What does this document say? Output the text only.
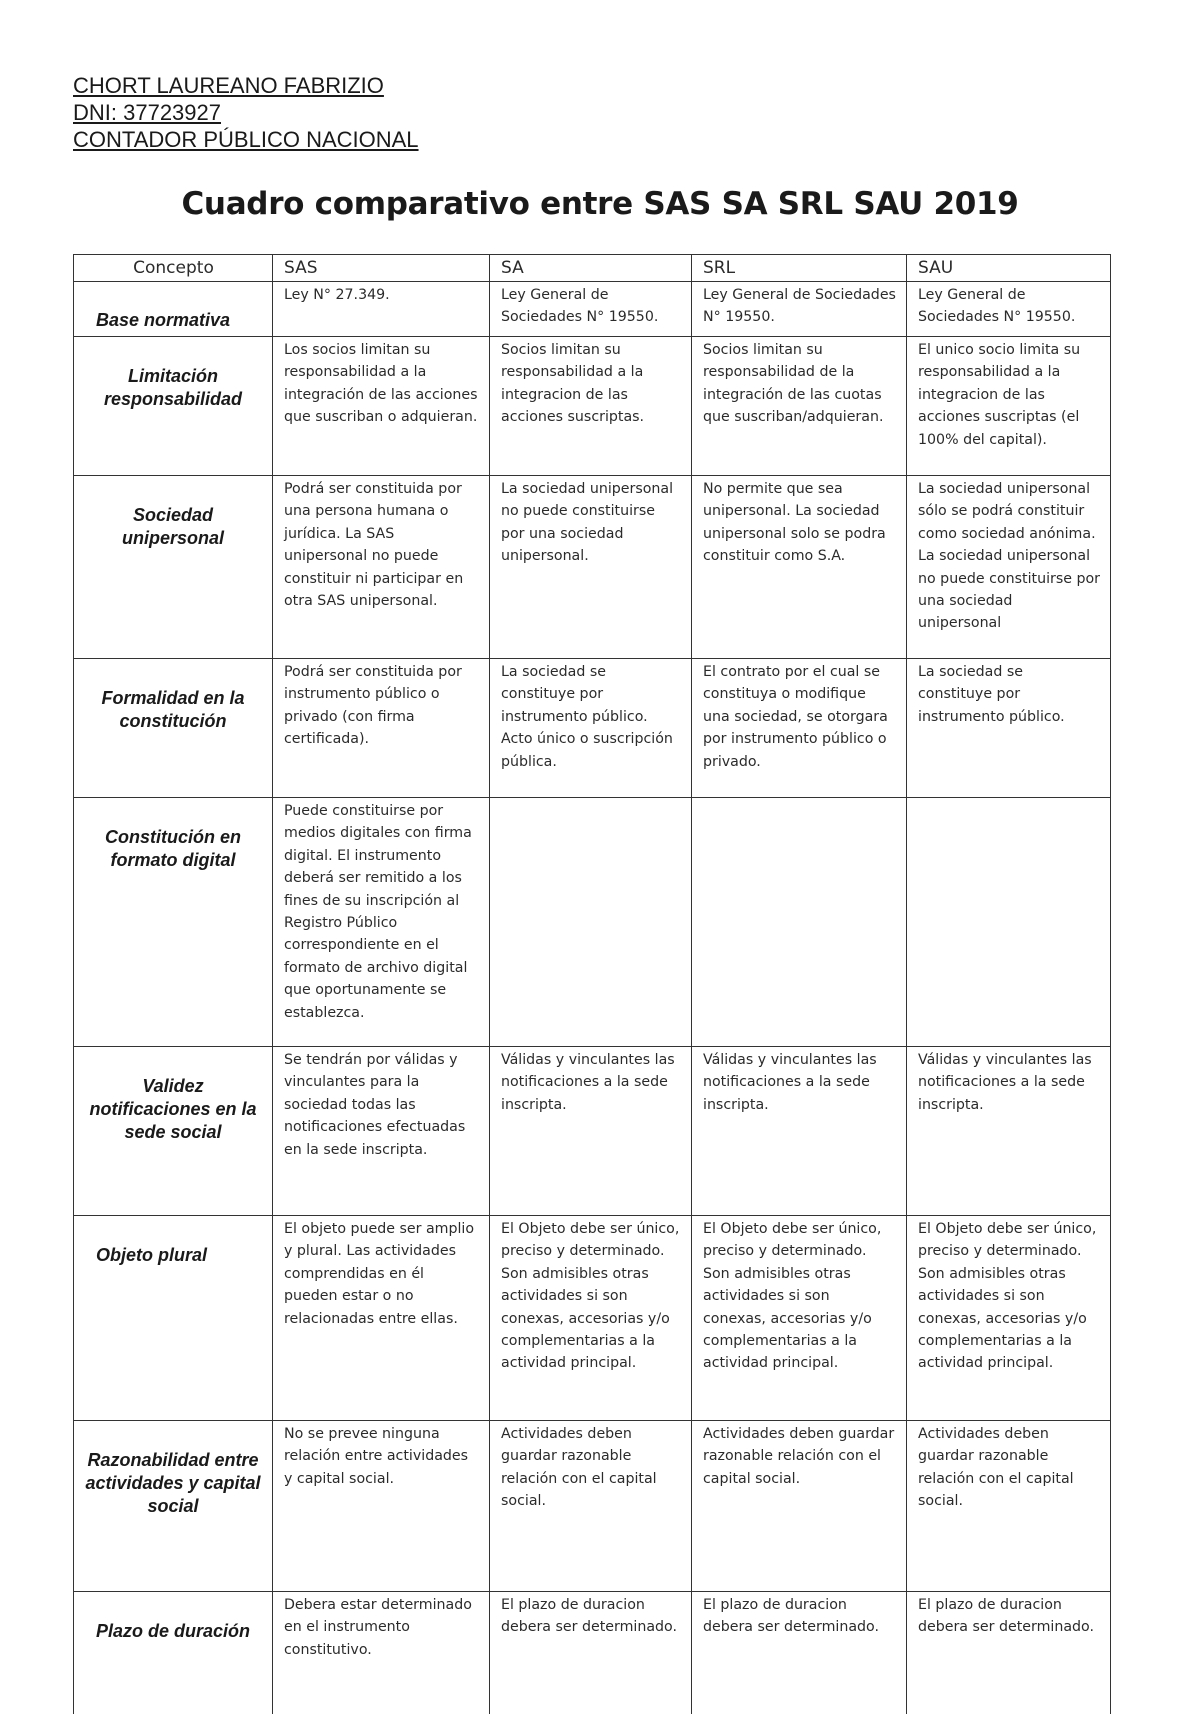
CHORT LAUREANO FABRIZIO
DNI: 37723927
CONTADOR PÚBLICO NACIONAL
Cuadro comparativo entre SAS SA SRL SAU 2019
Concepto	SAS	SA	SRL	SAU
Base normativa	Ley N° 27.349.	Ley General de Sociedades N° 19550.	Ley General de Sociedades N° 19550.	Ley General de Sociedades N° 19550.
Limitación responsabilidad	Los socios limitan su responsabilidad a la integración de las acciones que suscriban o adquieran.	Socios limitan su responsabilidad a la integracion de las acciones suscriptas.	Socios limitan su responsabilidad de la integración de las cuotas que suscriban/adquieran.	El unico socio limita su responsabilidad a la integracion de las acciones suscriptas (el 100% del capital).
Sociedad unipersonal	Podrá ser constituida por una persona humana o jurídica. La SAS unipersonal no puede constituir ni participar en otra SAS unipersonal.	La sociedad unipersonal no puede constituirse por una sociedad unipersonal.	No permite que sea unipersonal. La sociedad unipersonal solo se podra constituir como S.A.	La sociedad unipersonal sólo se podrá constituir como sociedad anónima. La sociedad unipersonal no puede constituirse por una sociedad unipersonal
Formalidad en la constitución	Podrá ser constituida por instrumento público o privado (con firma certificada).	La sociedad se constituye por instrumento público. Acto único o suscripción pública.	El contrato por el cual se constituya o modifique una sociedad, se otorgara por instrumento público o privado.	La sociedad se constituye por instrumento público.
Constitución en formato digital	Puede constituirse por medios digitales con firma digital. El instrumento deberá ser remitido a los fines de su inscripción al Registro Público correspondiente en el formato de archivo digital que oportunamente se establezca.			
Validez notificaciones en la sede social	Se tendrán por válidas y vinculantes para la sociedad todas las notificaciones efectuadas en la sede inscripta.	Válidas y vinculantes las notificaciones a la sede inscripta.	Válidas y vinculantes las notificaciones a la sede inscripta.	Válidas y vinculantes las notificaciones a la sede inscripta.
Objeto plural	El objeto puede ser amplio y plural. Las actividades comprendidas en él pueden estar o no relacionadas entre ellas.	El Objeto debe ser único, preciso y determinado. Son admisibles otras actividades si son conexas, accesorias y/o complementarias a la actividad principal.	El Objeto debe ser único, preciso y determinado. Son admisibles otras actividades si son conexas, accesorias y/o complementarias a la actividad principal.	El Objeto debe ser único, preciso y determinado. Son admisibles otras actividades si son conexas, accesorias y/o complementarias a la actividad principal.
Razonabilidad entre actividades y capital social	No se prevee ninguna relación entre actividades y capital social.	Actividades deben guardar razonable relación con el capital social.	Actividades deben guardar razonable relación con el capital social.	Actividades deben guardar razonable relación con el capital social.
Plazo de duración	Debera estar determinado en el instrumento constitutivo.	El plazo de duracion debera ser determinado.	El plazo de duracion debera ser determinado.	El plazo de duracion debera ser determinado.
